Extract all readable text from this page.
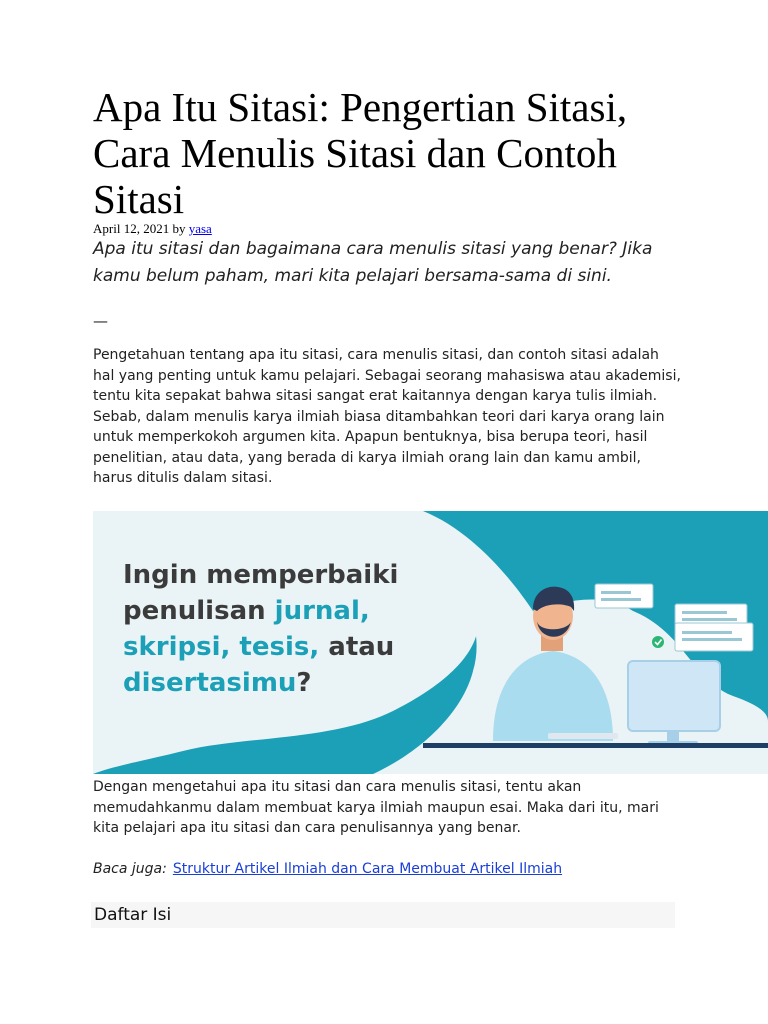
Apa Itu Sitasi: Pengertian Sitasi, Cara Menulis Sitasi dan Contoh Sitasi
April 12, 2021 by yasa

Apa itu sitasi dan bagaimana cara menulis sitasi yang benar? Jika kamu belum paham, mari kita pelajari bersama-sama di sini.

—

Pengetahuan tentang apa itu sitasi, cara menulis sitasi, dan contoh sitasi adalah hal yang penting untuk kamu pelajari. Sebagai seorang mahasiswa atau akademisi, tentu kita sepakat bahwa sitasi sangat erat kaitannya dengan karya tulis ilmiah. Sebab, dalam menulis karya ilmiah biasa ditambahkan teori dari karya orang lain untuk memperkokoh argumen kita. Apapun bentuknya, bisa berupa teori, hasil penelitian, atau data, yang berada di karya ilmiah orang lain dan kamu ambil, harus ditulis dalam sitasi.

Ingin memperbaiki
penulisan jurnal,
skripsi, tesis, atau
disertasimu?

Dengan mengetahui apa itu sitasi dan cara menulis sitasi, tentu akan memudahkanmu dalam membuat karya ilmiah maupun esai. Maka dari itu, mari kita pelajari apa itu sitasi dan cara penulisannya yang benar.

Baca juga: Struktur Artikel Ilmiah dan Cara Membuat Artikel Ilmiah

Daftar Isi
